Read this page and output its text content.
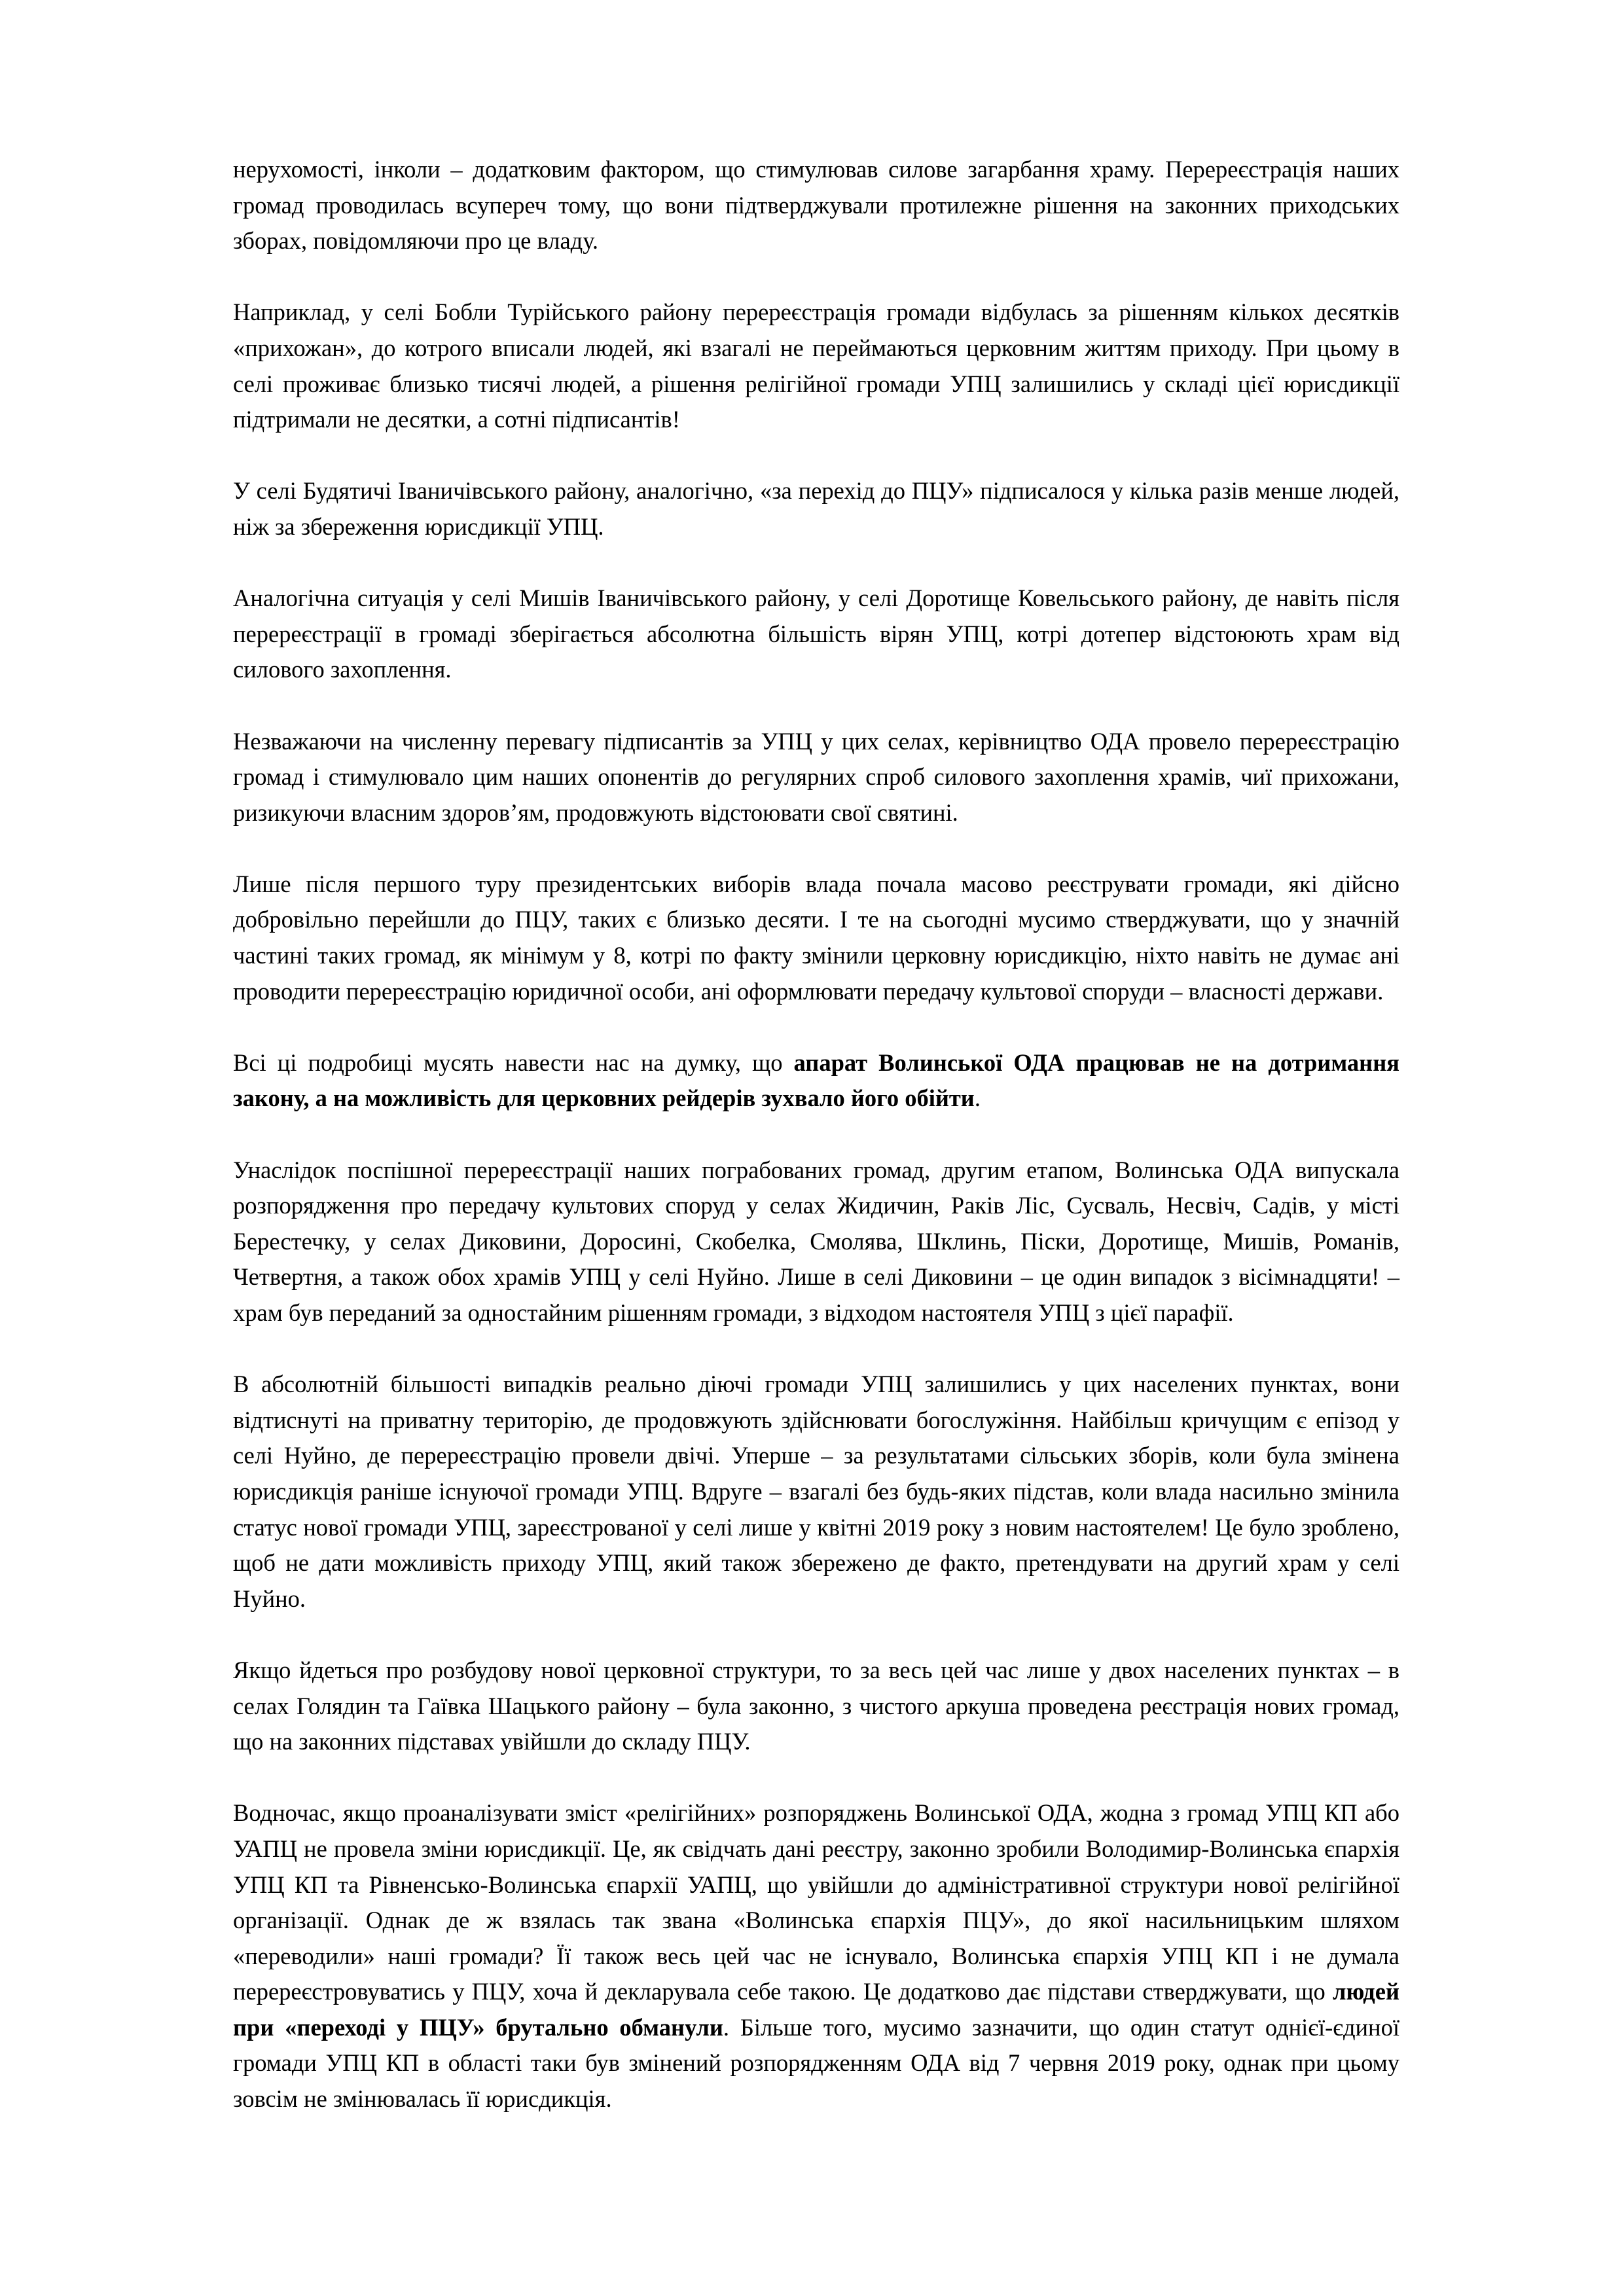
нерухомості, інколи – додатковим фактором, що стимулював силове загарбання храму. Перереєстрація наших громад проводилась всупереч тому, що вони підтверджували протилежне рішення на законних приходських зборах, повідомляючи про це владу.

Наприклад, у селі Бобли Турійського району перереєстрація громади відбулась за рішенням кількох десятків «прихожан», до котрого вписали людей, які взагалі не переймаються церковним життям приходу. При цьому в селі проживає близько тисячі людей, а рішення релігійної громади УПЦ залишились у складі цієї юрисдикції підтримали не десятки, а сотні підписантів!

У селі Будятичі Іваничівського району, аналогічно, «за перехід до ПЦУ» підписалося у кілька разів менше людей, ніж за збереження юрисдикції УПЦ.

Аналогічна ситуація у селі Мишів Іваничівського району, у селі Доротище Ковельського району, де навіть після перереєстрації в громаді зберігається абсолютна більшість вірян УПЦ, котрі дотепер відстоюють храм від силового захоплення.

Незважаючи на численну перевагу підписантів за УПЦ у цих селах, керівництво ОДА провело перереєстрацію громад і стимулювало цим наших опонентів до регулярних спроб силового захоплення храмів, чиї прихожани, ризикуючи власним здоров’ям, продовжують відстоювати свої святині.

Лише після першого туру президентських виборів влада почала масово реєструвати громади, які дійсно добровільно перейшли до ПЦУ, таких є близько десяти. І те на сьогодні мусимо стверджувати, що у значній частині таких громад, як мінімум у 8, котрі по факту змінили церковну юрисдикцію, ніхто навіть не думає ані проводити перереєстрацію юридичної особи, ані оформлювати передачу культової споруди – власності держави.

Всі ці подробиці мусять навести нас на думку, що апарат Волинської ОДА працював не на дотримання закону, а на можливість для церковних рейдерів зухвало його обійти.

Унаслідок поспішної перереєстрації наших пограбованих громад, другим етапом, Волинська ОДА випускала розпорядження про передачу культових споруд у селах Жидичин, Раків Ліс, Сусваль, Несвіч, Садів, у місті Берестечку, у селах Диковини, Доросині, Скобелка, Смолява, Шклинь, Піски, Доротище, Мишів, Романів, Четвертня, а також обох храмів УПЦ у селі Нуйно. Лише в селі Диковини – це один випадок з вісімнадцяти! – храм був переданий за одностайним рішенням громади, з відходом настоятеля УПЦ з цієї парафії.

В абсолютній більшості випадків реально діючі громади УПЦ залишились у цих населених пунктах, вони відтиснуті на приватну територію, де продовжують здійснювати богослужіння. Найбільш кричущим є епізод у селі Нуйно, де перереєстрацію провели двічі. Уперше – за результатами сільських зборів, коли була змінена юрисдикція раніше існуючої громади УПЦ. Вдруге – взагалі без будь-яких підстав, коли влада насильно змінила статус нової громади УПЦ, зареєстрованої у селі лише у квітні 2019 року з новим настоятелем! Це було зроблено, щоб не дати можливість приходу УПЦ, який також збережено де факто, претендувати на другий храм у селі Нуйно.

Якщо йдеться про розбудову нової церковної структури, то за весь цей час лише у двох населених пунктах – в селах Голядин та Гаївка Шацького району – була законно, з чистого аркуша проведена реєстрація нових громад, що на законних підставах увійшли до складу ПЦУ.

Водночас, якщо проаналізувати зміст «релігійних» розпоряджень Волинської ОДА, жодна з громад УПЦ КП або УАПЦ не провела зміни юрисдикції. Це, як свідчать дані реєстру, законно зробили Володимир-Волинська єпархія УПЦ КП та Рівненсько-Волинська єпархії УАПЦ, що увійшли до адміністративної структури нової релігійної організації. Однак де ж взялась так звана «Волинська єпархія ПЦУ», до якої насильницьким шляхом «переводили» наші громади? Її також весь цей час не існувало, Волинська єпархія УПЦ КП і не думала перереєстровуватись у ПЦУ, хоча й декларувала себе такою. Це додатково дає підстави стверджувати, що людей при «переході у ПЦУ» брутально обманули. Більше того, мусимо зазначити, що один статут однієї-єдиної громади УПЦ КП в області таки був змінений розпорядженням ОДА від 7 червня 2019 року, однак при цьому зовсім не змінювалась її юрисдикція.
